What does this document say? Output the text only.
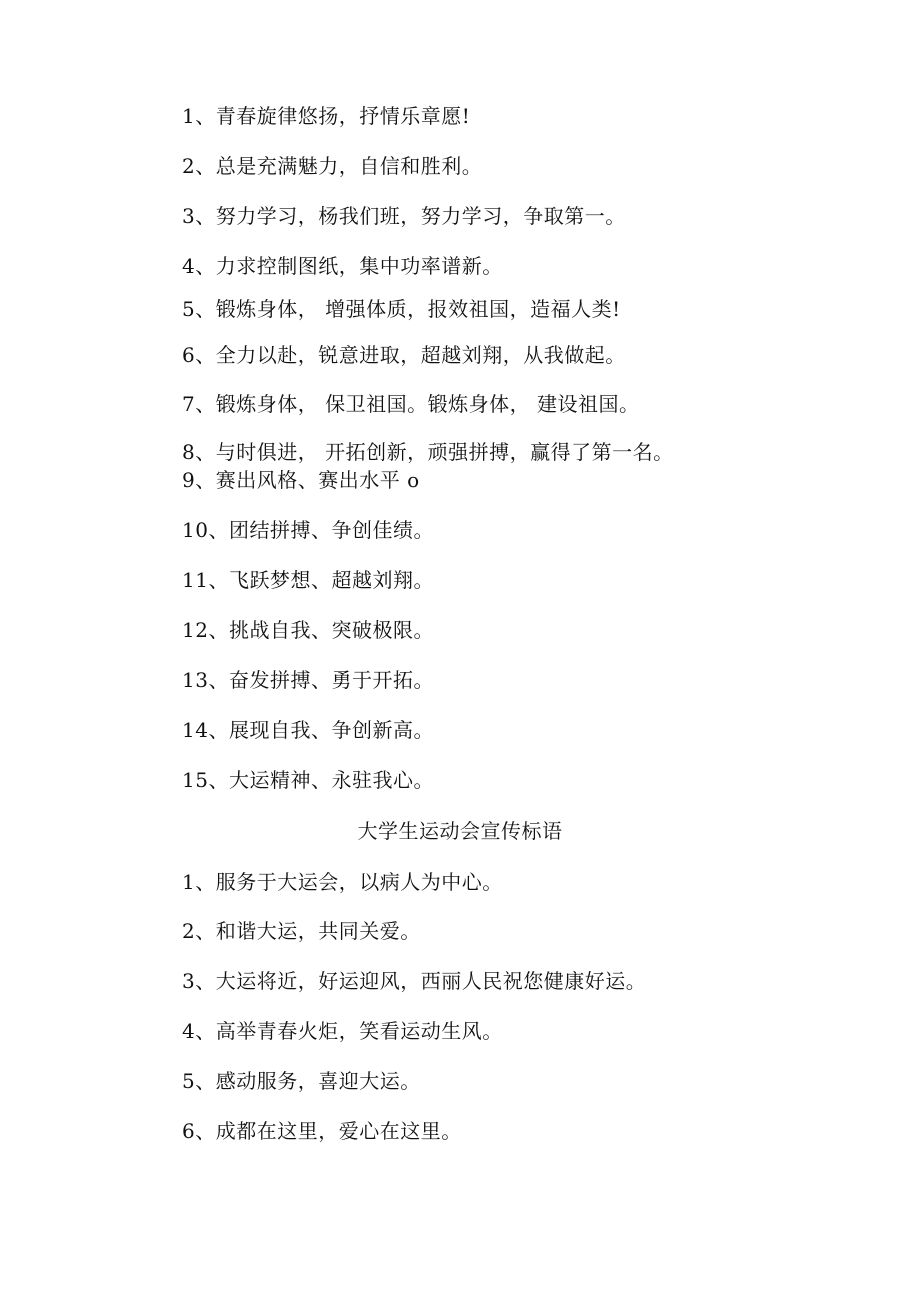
1、青春旋律悠扬，抒情乐章愿!
2、总是充满魅力，自信和胜利。
3、努力学习，杨我们班，努力学习，争取第一。
4、力求控制图纸，集中功率谱新。
5、锻炼身体， 增强体质，报效祖国，造福人类!
6、全力以赴，锐意进取，超越刘翔，从我做起。
7、锻炼身体， 保卫祖国。锻炼身体， 建设祖国。
8、与时俱进， 开拓创新，顽强拼搏，赢得了第一名。
9、赛出风格、赛出水平 o
10、团结拼搏、争创佳绩。
11、飞跃梦想、超越刘翔。
12、挑战自我、突破极限。
13、奋发拼搏、勇于开拓。
14、展现自我、争创新高。
15、大运精神、永驻我心。
大学生运动会宣传标语
1、服务于大运会，以病人为中心。
2、和谐大运，共同关爱。
3、大运将近，好运迎风，西丽人民祝您健康好运。
4、高举青春火炬，笑看运动生风。
5、感动服务，喜迎大运。
6、成都在这里，爱心在这里。
